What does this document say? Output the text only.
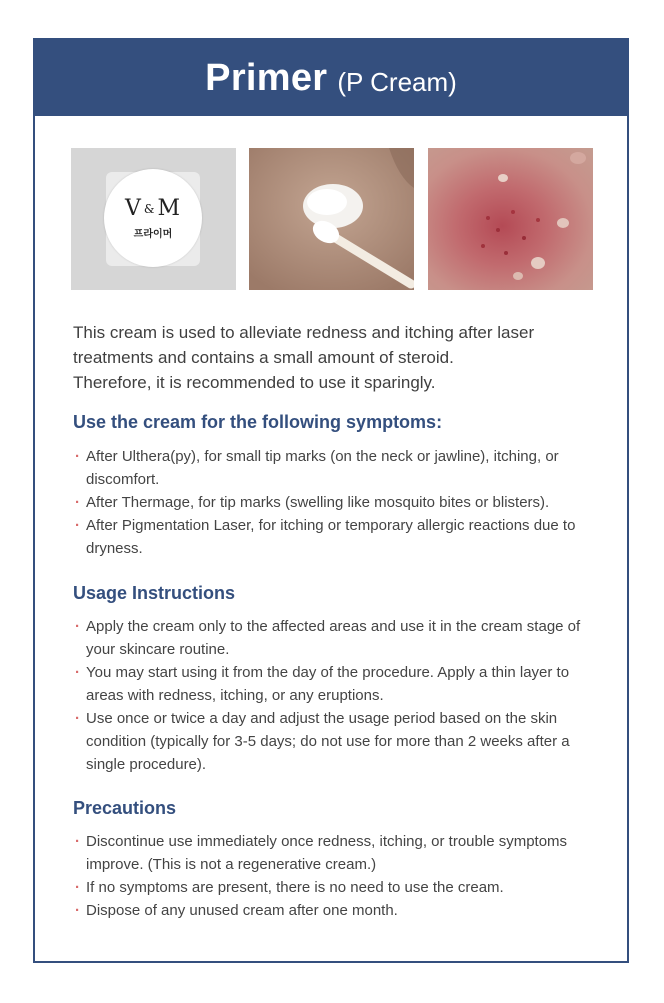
Primer (P Cream)
V &M
프라이머

This cream is used to alleviate redness and itching after laser

treatments and contains a small amount of steroid.

Therefore, it is recommended to use it sparingly.

Use the cream for the following symptoms:
· After Ulthera(py), for small tip marks (on the neck or jawline), itching, or discomfort.
· After Thermage, for tip marks (swelling like mosquito bites or blisters).
· After Pigmentation Laser, for itching or temporary allergic reactions due to dryness.
Usage Instructions
· Apply the cream only to the affected areas and use it in the cream stage of your skincare routine.
· You may start using it from the day of the procedure. Apply a thin layer to areas with redness, itching, or any eruptions.
· Use once or twice a day and adjust the usage period based on the skin condition (typically for 3-5 days; do not use for more than 2 weeks after a single procedure).
Precautions
· Discontinue use immediately once redness, itching, or trouble symptoms improve. (This is not a regenerative cream.)
· If no symptoms are present, there is no need to use the cream.
· Dispose of any unused cream after one month.
